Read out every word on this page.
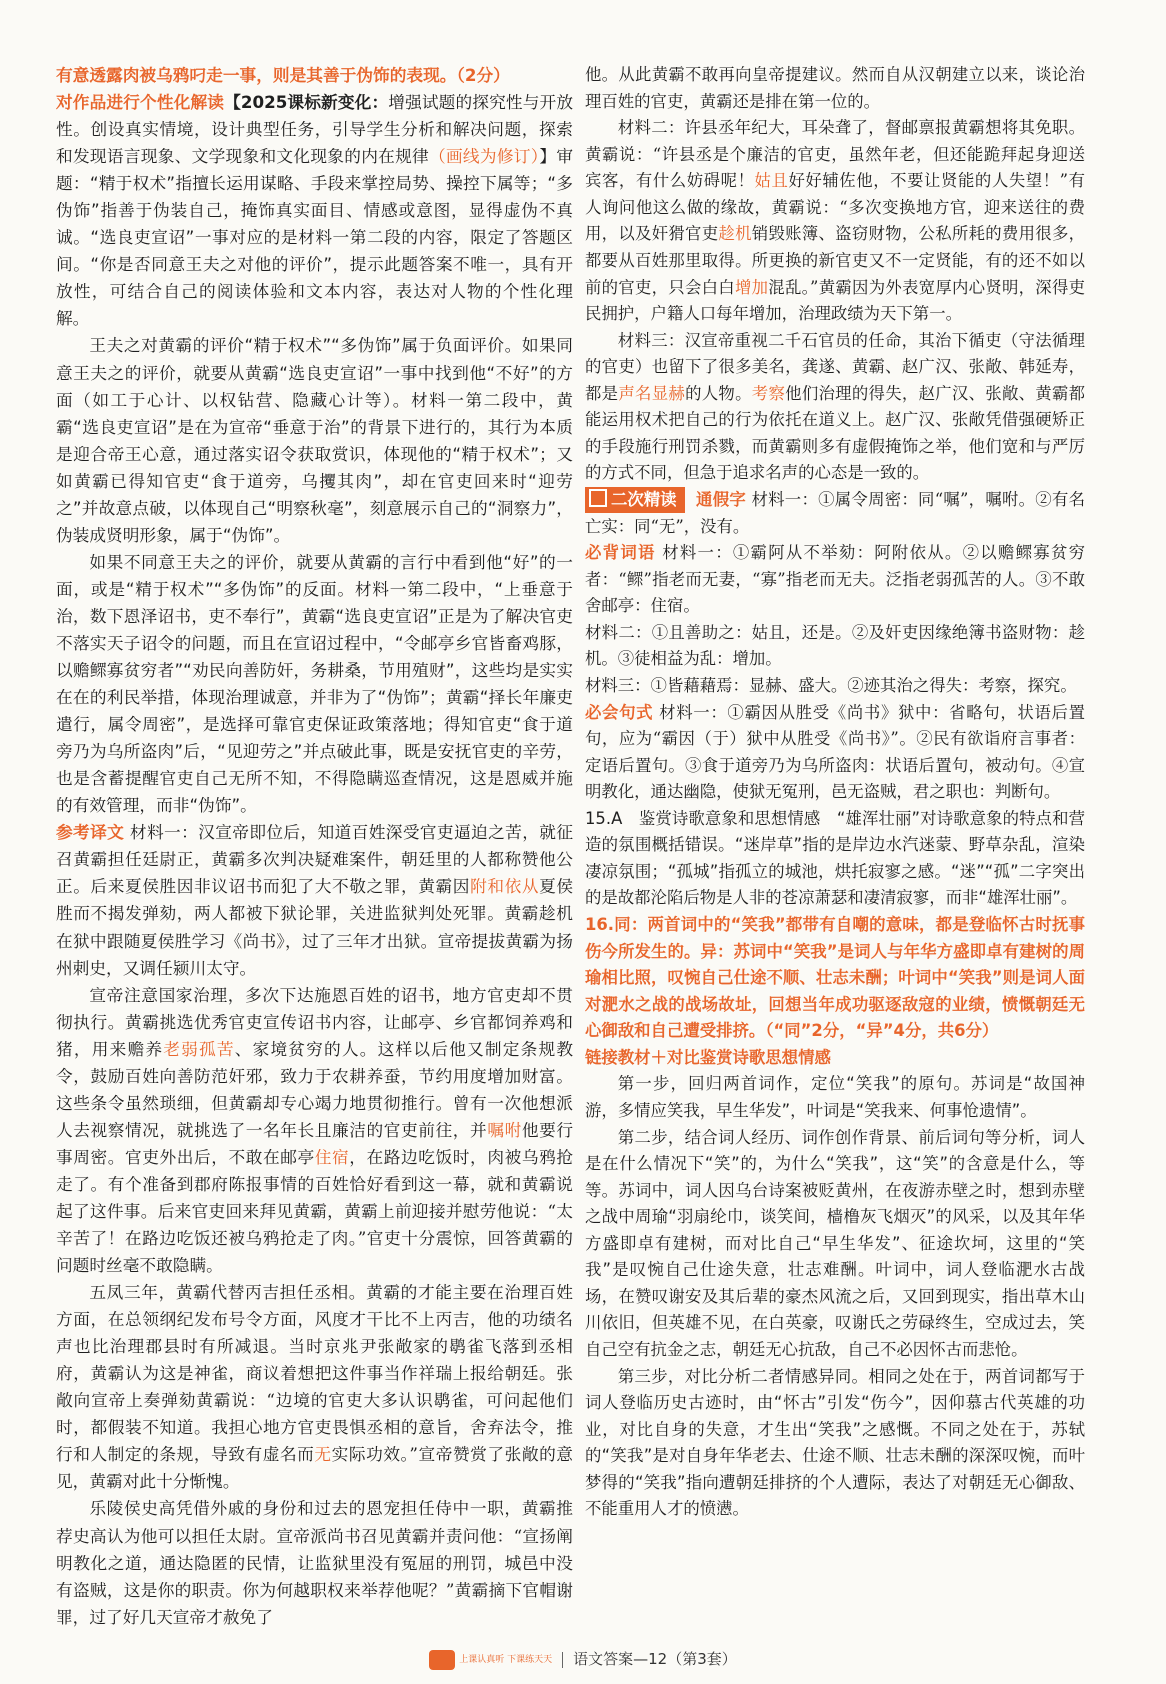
有意透露肉被乌鸦叼走一事，则是其善于伪饰的表现。（2分）

对作品进行个性化解读【2025课标新变化：增强试题的探究性与开放性。创设真实情境，设计典型任务，引导学生分析和解决问题，探索和发现语言现象、文学现象和文化现象的内在规律（画线为修订）】审题：“精于权术”指擅长运用谋略、手段来掌控局势、操控下属等；“多伪饰”指善于伪装自己，掩饰真实面目、情感或意图，显得虚伪不真诚。“选良吏宣诏”一事对应的是材料一第二段的内容，限定了答题区间。“你是否同意王夫之对他的评价”，提示此题答案不唯一，具有开放性，可结合自己的阅读体验和文本内容，表达对人物的个性化理解。

王夫之对黄霸的评价“精于权术”“多伪饰”属于负面评价。如果同意王夫之的评价，就要从黄霸“选良吏宣诏”一事中找到他“不好”的方面（如工于心计、以权钻营、隐藏心计等）。材料一第二段中，黄霸“选良吏宣诏”是在为宣帝“垂意于治”的背景下进行的，其行为本质是迎合帝王心意，通过落实诏令获取赏识，体现他的“精于权术”；又如黄霸已得知官吏“食于道旁，乌攫其肉”，却在官吏回来时“迎劳之”并故意点破，以体现自己“明察秋毫”，刻意展示自己的“洞察力”，伪装成贤明形象，属于“伪饰”。

如果不同意王夫之的评价，就要从黄霸的言行中看到他“好”的一面，或是“精于权术”“多伪饰”的反面。材料一第二段中，“上垂意于治，数下恩泽诏书，吏不奉行”，黄霸“选良吏宣诏”正是为了解决官吏不落实天子诏令的问题，而且在宣诏过程中，“令邮亭乡官皆畜鸡豚，以赡鳏寡贫穷者”“劝民向善防奸，务耕桑，节用殖财”，这些均是实实在在的利民举措，体现治理诚意，并非为了“伪饰”；黄霸“择长年廉吏遣行，属令周密”，是选择可靠官吏保证政策落地；得知官吏“食于道旁乃为乌所盗肉”后，“见迎劳之”并点破此事，既是安抚官吏的辛劳，也是含蓄提醒官吏自己无所不知，不得隐瞒巡查情况，这是恩威并施的有效管理，而非“伪饰”。

参考译文 材料一：汉宣帝即位后，知道百姓深受官吏逼迫之苦，就征召黄霸担任廷尉正，黄霸多次判决疑难案件，朝廷里的人都称赞他公正。后来夏侯胜因非议诏书而犯了大不敬之罪，黄霸因附和依从夏侯胜而不揭发弹劾，两人都被下狱论罪，关进监狱判处死罪。黄霸趁机在狱中跟随夏侯胜学习《尚书》，过了三年才出狱。宣帝提拔黄霸为扬州刺史，又调任颍川太守。

宣帝注意国家治理，多次下达施恩百姓的诏书，地方官吏却不贯彻执行。黄霸挑选优秀官吏宣传诏书内容，让邮亭、乡官都饲养鸡和猪，用来赡养老弱孤苦、家境贫穷的人。这样以后他又制定条规教令，鼓励百姓向善防范奸邪，致力于农耕养蚕，节约用度增加财富。这些条令虽然琐细，但黄霸却专心竭力地贯彻推行。曾有一次他想派人去视察情况，就挑选了一名年长且廉洁的官吏前往，并嘱咐他要行事周密。官吏外出后，不敢在邮亭住宿，在路边吃饭时，肉被乌鸦抢走了。有个准备到郡府陈报事情的百姓恰好看到这一幕，就和黄霸说起了这件事。后来官吏回来拜见黄霸，黄霸上前迎接并慰劳他说：“太辛苦了！在路边吃饭还被乌鸦抢走了肉。”官吏十分震惊，回答黄霸的问题时丝毫不敢隐瞒。

五凤三年，黄霸代替丙吉担任丞相。黄霸的才能主要在治理百姓方面，在总领纲纪发布号令方面，风度才干比不上丙吉，他的功绩名声也比治理郡县时有所减退。当时京兆尹张敞家的鹖雀飞落到丞相府，黄霸认为这是神雀，商议着想把这件事当作祥瑞上报给朝廷。张敞向宣帝上奏弹劾黄霸说：“边境的官吏大多认识鹖雀，可问起他们时，都假装不知道。我担心地方官吏畏惧丞相的意旨，舍弃法令，推行和人制定的条规，导致有虚名而无实际功效。”宣帝赞赏了张敞的意见，黄霸对此十分惭愧。

乐陵侯史高凭借外戚的身份和过去的恩宠担任侍中一职，黄霸推荐史高认为他可以担任太尉。宣帝派尚书召见黄霸并责问他：“宣扬阐明教化之道，通达隐匿的民情，让监狱里没有冤屈的刑罚，城邑中没有盗贼，这是你的职责。你为何越职权来举荐他呢？”黄霸摘下官帽谢罪，过了好几天宣帝才赦免了

他。从此黄霸不敢再向皇帝提建议。然而自从汉朝建立以来，谈论治理百姓的官吏，黄霸还是排在第一位的。

材料二：许县丞年纪大，耳朵聋了，督邮禀报黄霸想将其免职。黄霸说：“许县丞是个廉洁的官吏，虽然年老，但还能跪拜起身迎送宾客，有什么妨碍呢！姑且好好辅佐他，不要让贤能的人失望！”有人询问他这么做的缘故，黄霸说：“多次变换地方官，迎来送往的费用，以及奸猾官吏趁机销毁账簿、盗窃财物，公私所耗的费用很多，都要从百姓那里取得。所更换的新官吏又不一定贤能，有的还不如以前的官吏，只会白白增加混乱。”黄霸因为外表宽厚内心贤明，深得吏民拥护，户籍人口每年增加，治理政绩为天下第一。

材料三：汉宣帝重视二千石官员的任命，其治下循吏（守法循理的官吏）也留下了很多美名，龚遂、黄霸、赵广汉、张敞、韩延寿，都是声名显赫的人物。考察他们治理的得失，赵广汉、张敞、黄霸都能运用权术把自己的行为依托在道义上。赵广汉、张敞凭借强硬矫正的手段施行刑罚杀戮，而黄霸则多有虚假掩饰之举，他们宽和与严厉的方式不同，但急于追求名声的心态是一致的。

二次精读 通假字 材料一：①属令周密：同“嘱”，嘱咐。②有名亡实：同“无”，没有。

必背词语 材料一：①霸阿从不举劾：阿附依从。②以赡鳏寡贫穷者：“鳏”指老而无妻，“寡”指老而无夫。泛指老弱孤苦的人。③不敢舍邮亭：住宿。

材料二：①且善助之：姑且，还是。②及奸吏因缘绝簿书盗财物：趁机。③徒相益为乱：增加。

材料三：①皆藉藉焉：显赫、盛大。②迹其治之得失：考察，探究。

必会句式 材料一：①霸因从胜受《尚书》狱中：省略句，状语后置句，应为“霸因（于）狱中从胜受《尚书》”。②民有欲诣府言事者：定语后置句。③食于道旁乃为乌所盗肉：状语后置句，被动句。④宣明教化，通达幽隐，使狱无冤刑，邑无盗贼，君之职也：判断句。

15.A　鉴赏诗歌意象和思想情感　“雄浑壮丽”对诗歌意象的特点和营造的氛围概括错误。“迷岸草”指的是岸边水汽迷蒙、野草杂乱，渲染凄凉氛围；“孤城”指孤立的城池，烘托寂寥之感。“迷”“孤”二字突出的是故都沦陷后物是人非的苍凉萧瑟和凄清寂寥，而非“雄浑壮丽”。

16.同：两首词中的“笑我”都带有自嘲的意味，都是登临怀古时抚事伤今所发生的。异：苏词中“笑我”是词人与年华方盛即卓有建树的周瑜相比照，叹惋自己仕途不顺、壮志未酬；叶词中“笑我”则是词人面对淝水之战的战场故址，回想当年成功驱逐敌寇的业绩，愤慨朝廷无心御敌和自己遭受排挤。（“同”2分，“异”4分，共6分）

链接教材＋对比鉴赏诗歌思想情感

第一步，回归两首词作，定位“笑我”的原句。苏词是“故国神游，多情应笑我，早生华发”，叶词是“笑我来、何事怆遗情”。

第二步，结合词人经历、词作创作背景、前后词句等分析，词人是在什么情况下“笑”的，为什么“笑我”，这“笑”的含意是什么，等等。苏词中，词人因乌台诗案被贬黄州，在夜游赤壁之时，想到赤壁之战中周瑜“羽扇纶巾，谈笑间，樯橹灰飞烟灭”的风采，以及其年华方盛即卓有建树，而对比自己“早生华发”、征途坎坷，这里的“笑我”是叹惋自己仕途失意，壮志难酬。叶词中，词人登临淝水古战场，在赞叹谢安及其后辈的豪杰风流之后，又回到现实，指出草木山川依旧，但英雄不见，在白英豪，叹谢氏之劳碌终生，空成过去，笑自己空有抗金之志，朝廷无心抗敌，自己不必因怀古而悲怆。

第三步，对比分析二者情感异同。相同之处在于，两首词都写于词人登临历史古迹时，由“怀古”引发“伤今”，因仰慕古代英雄的功业，对比自身的失意，才生出“笑我”之感慨。不同之处在于，苏轼的“笑我”是对自身年华老去、仕途不顺、壮志未酬的深深叹惋，而叶梦得的“笑我”指向遭朝廷排挤的个人遭际，表达了对朝廷无心御敌、不能重用人才的愤懑。

上课认真听 下课练天天 语文答案—12（第3套）
